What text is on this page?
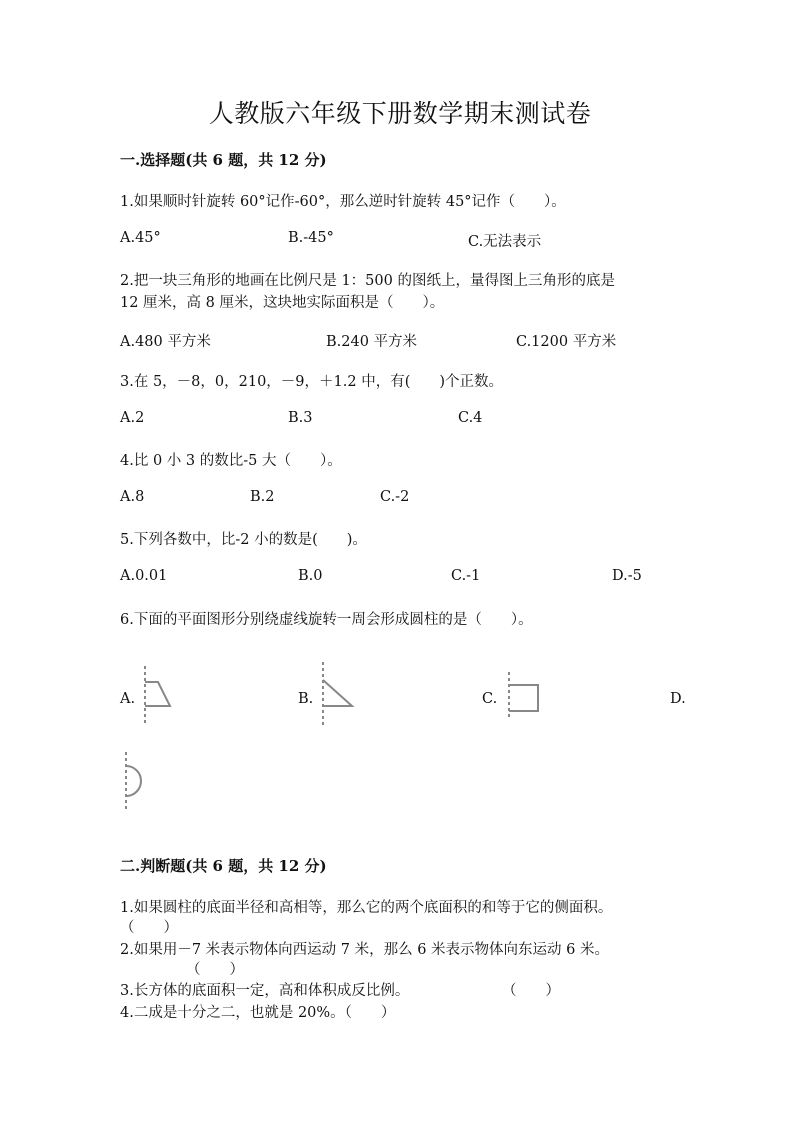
人教版六年级下册数学期末测试卷
一.选择题(共 6 题，共 12 分)
1.如果顺时针旋转 60°记作-60°，那么逆时针旋转 45°记作（　　）。
A.45°	B.-45°	C.无法表示
2.把一块三角形的地画在比例尺是 1：500 的图纸上，量得图上三角形的底是
12 厘米，高 8 厘米，这块地实际面积是（　　）。
A.480 平方米	B.240 平方米	C.1200 平方米
3.在 5，－8，0，210，－9，＋1.2 中，有(　　)个正数。
A.2	B.3	C.4
4.比 0 小 3 的数比-5 大（　　）。
A.8	B.2	C.-2
5.下列各数中，比-2 小的数是(　　)。
A.0.01	B.0	C.-1	D.-5
6.下面的平面图形分别绕虚线旋转一周会形成圆柱的是（　　）。
A.	B.	C.	D.
二.判断题(共 6 题，共 12 分)
1.如果圆柱的底面半径和高相等，那么它的两个底面积的和等于它的侧面积。
（　　）
2.如果用－7 米表示物体向西运动 7 米，那么 6 米表示物体向东运动 6 米。
（　　）
3.长方体的底面积一定，高和体积成反比例。	（　　）
4.二成是十分之二，也就是 20%。（　　）
